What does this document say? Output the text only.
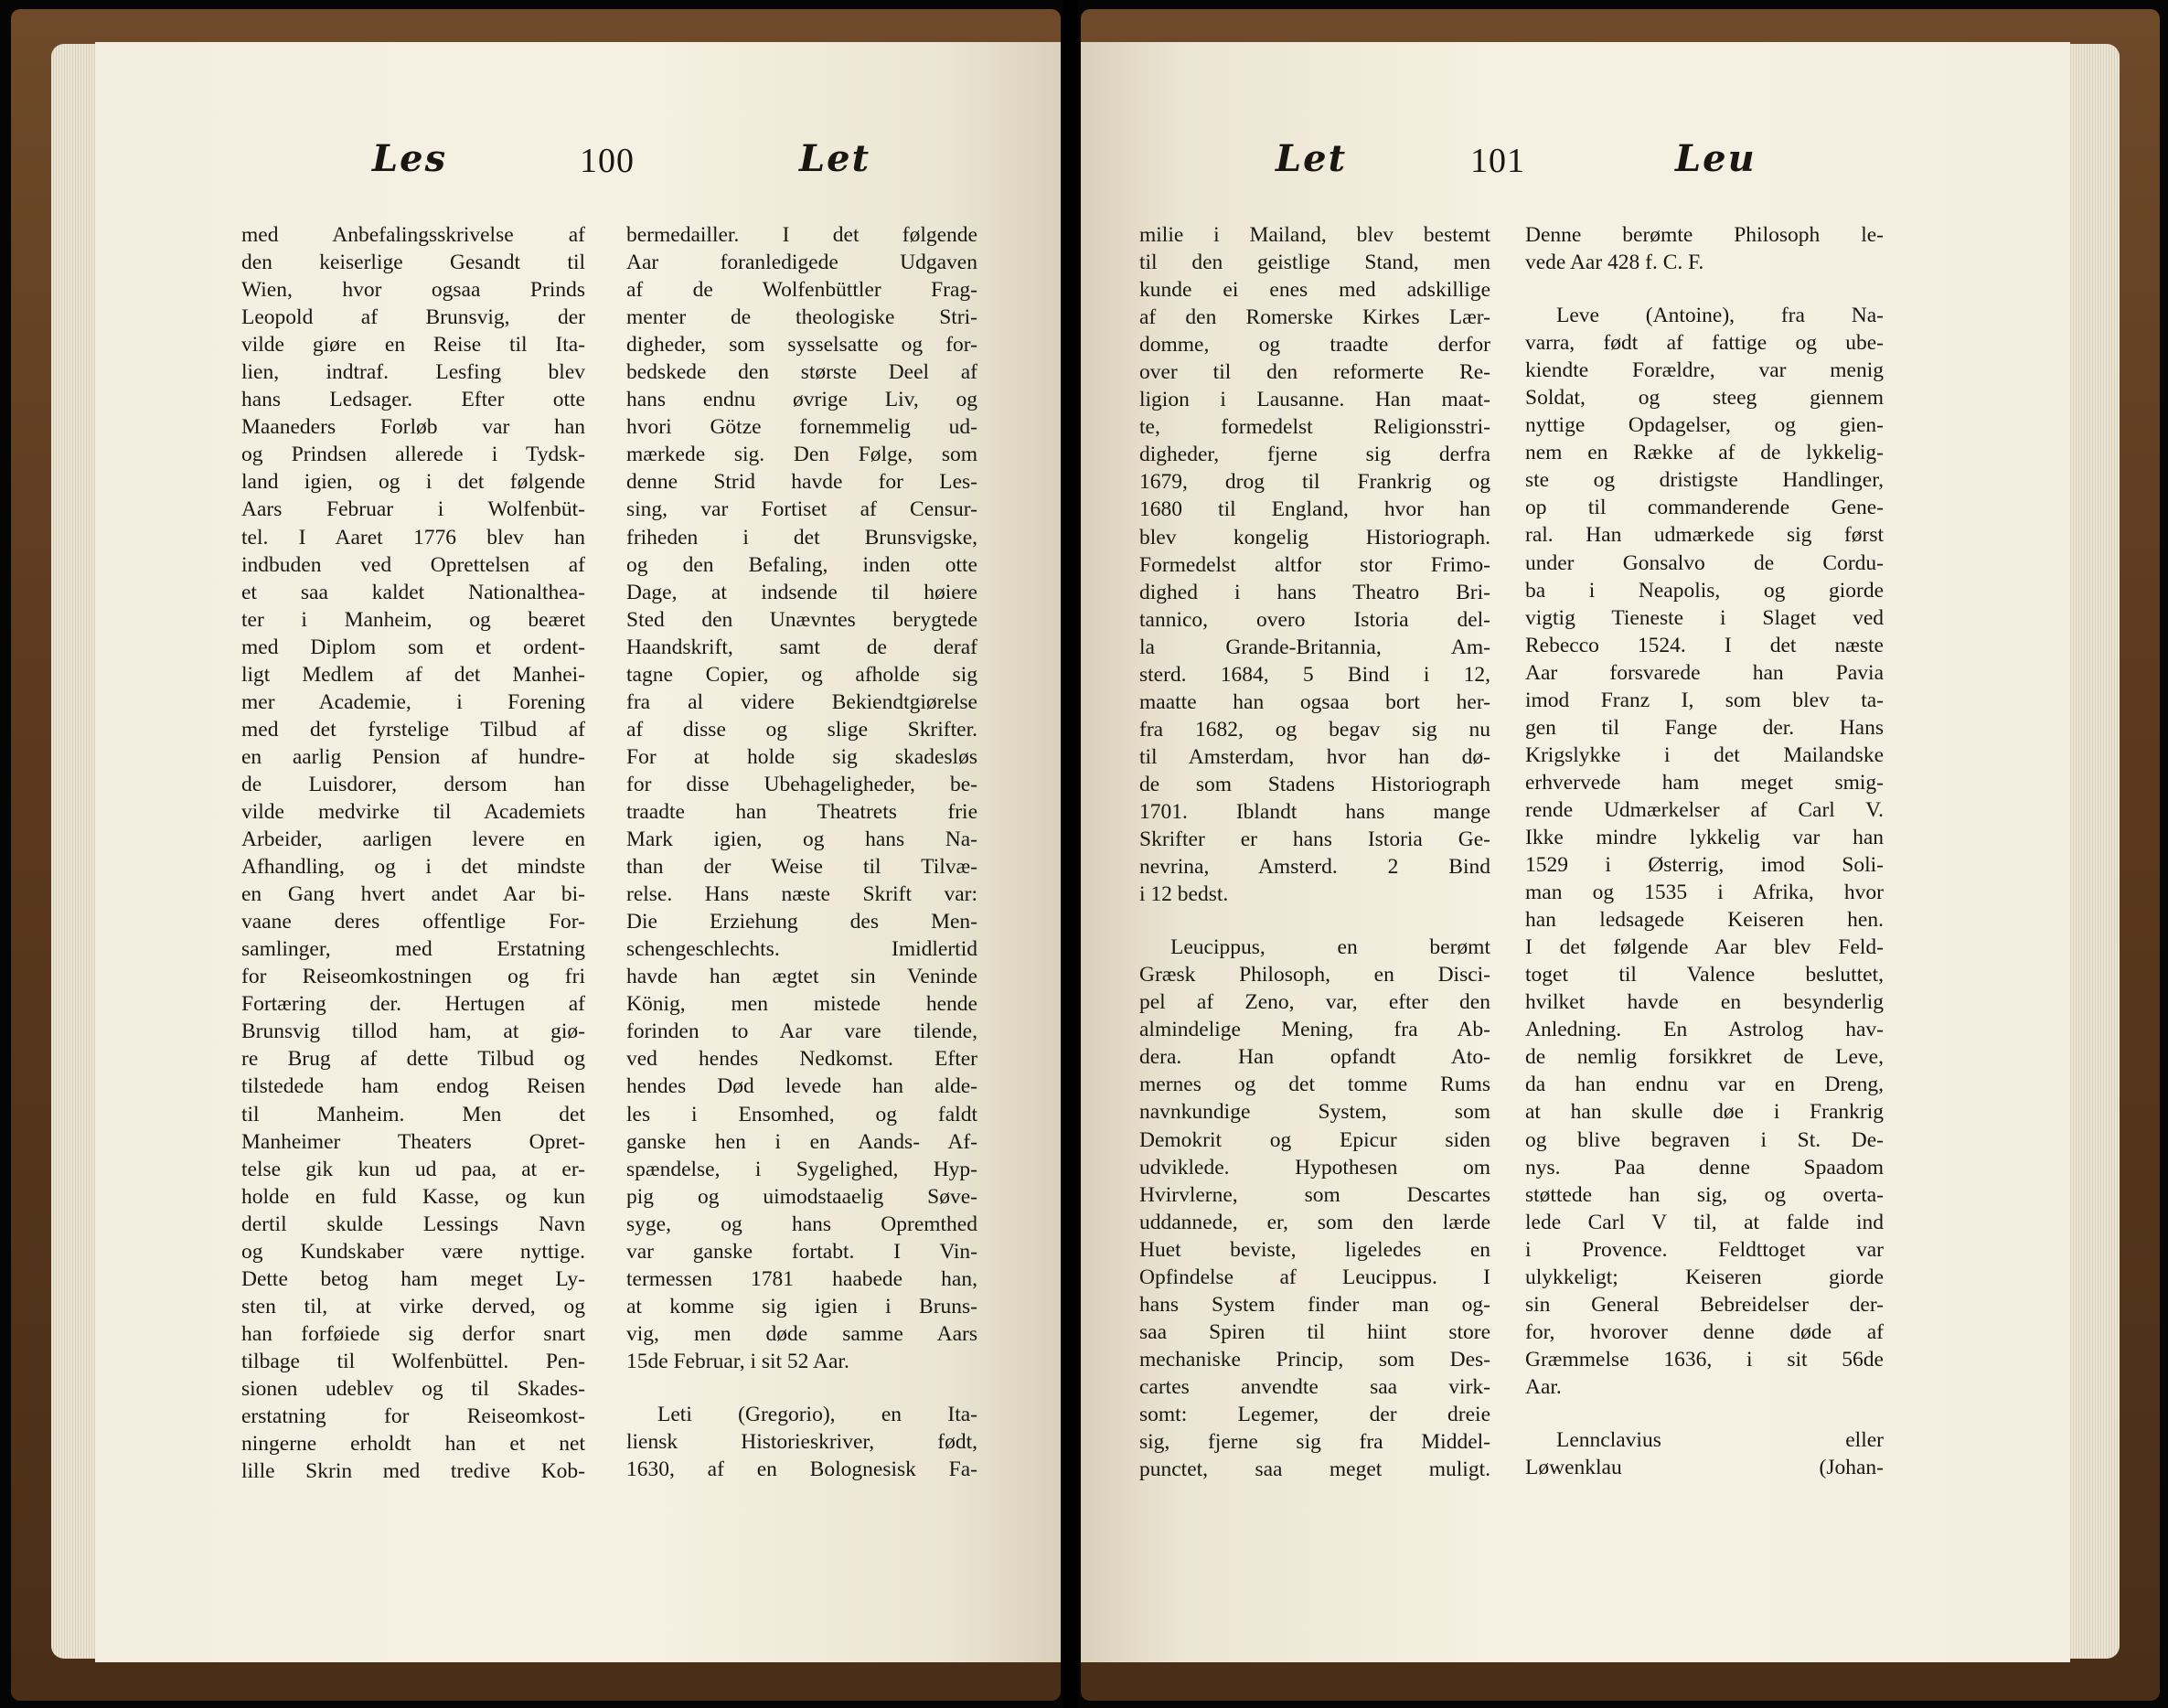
Les	100	Let
med Anbefalingsskrivelse af
den keiserlige Gesandt til
Wien, hvor ogsaa Prinds
Leopold af Brunsvig, der
vilde giøre en Reise til Ita-
lien, indtraf. Lesfing blev
hans Ledsager. Efter otte
Maaneders Forløb var han
og Prindsen allerede i Tydsk-
land igien, og i det følgende
Aars Februar i Wolfenbüt-
tel. I Aaret 1776 blev han
indbuden ved Oprettelsen af
et saa kaldet Nationaltheа-
ter i Manheim, og beæret
med Diplom som et ordent-
ligt Medlem af det Manhei-
mer Academie, i Forening
med det fyrstelige Tilbud af
en aarlig Pension af hundre-
de Luisdorer, dersom han
vilde medvirke til Academiets
Arbeider, aarligen levere en
Afhandling, og i det mindste
en Gang hvert andet Aar bi-
vaane deres offentlige For-
samlinger, med Erstatning
for Reiseomkostningen og fri
Fortæring der. Hertugen af
Brunsvig tillod ham, at giø-
re Brug af dette Tilbud og
tilstedede ham endog Reisen
til Manheim. Men det
Manheimer Theaters Opret-
telse gik kun ud paa, at er-
holde en fuld Kasse, og kun
dertil skulde Lessings Navn
og Kundskaber være nyttige.
Dette betog ham meget Ly-
sten til, at virke derved, og
han forføiede sig derfor snart
tilbage til Wolfenbüttel. Pen-
sionen udeblev og til Skades-
erstatning for Reiseomkost-
ningerne erholdt han et net
lille Skrin med tredive Kob-
bermedailler. I det følgende
Aar foranledigede Udgaven
af de Wolfenbüttler Frag-
menter de theologiske Stri-
digheder, som sysselsatte og for-
bedskede den største Deel af
hans endnu øvrige Liv, og
hvori Götze fornemmelig ud-
mærkede sig. Den Følge, som
denne Strid havde for Les-
sing, var Fortiset af Censur-
friheden i det Brunsvigske,
og den Befaling, inden otte
Dage, at indsende til høiere
Sted den Unævntes berygtede
Haandskrift, samt de deraf
tagne Copier, og afholde sig
fra al videre Bekiendtgiørelse
af disse og slige Skrifter.
For at holde sig skadesløs
for disse Ubehageligheder, be-
traadte han Theatrets frie
Mark igien, og hans Na-
than der Weise til Tilvæ-
relse. Hans næste Skrift var:
Die Erziehung des Men-
schengeschlechts. Imidlertid
havde han ægtet sin Veninde
König, men mistede hende
forinden to Aar vare tilende,
ved hendes Nedkomst. Efter
hendes Død levede han alde-
les i Ensomhed, og faldt
ganske hen i en Aands- Af-
spændelse, i Sygelighed, Hyp-
pig og uimodstaaelig Søve-
syge, og hans Opremthed
var ganske fortabt. I Vin-
termessen 1781 haabede han,
at komme sig igien i Bruns-
vig, men døde samme Aars
15de Februar, i sit 52 Aar.
Leti (Gregorio), en Ita-
liensk Historieskriver, født,
1630, af en Bolognesisk Fa-
Let	101	Leu
milie i Mailand, blev bestemt
til den geistlige Stand, men
kunde ei enes med adskillige
af den Romerske Kirkes Lær-
domme, og traadte derfor
over til den reformerte Re-
ligion i Lausanne. Han maat-
te, formedelst Religionsstri-
digheder, fjerne sig derfra
1679, drog til Frankrig og
1680 til England, hvor han
blev kongelig Historiograph.
Formedelst altfor stor Frimo-
dighed i hans Theatro Bri-
tannico, overo Istoria del-
la Grande-Britannia, Am-
sterd. 1684, 5 Bind i 12,
maatte han ogsaa bort her-
fra 1682, og begav sig nu
til Amsterdam, hvor han dø-
de som Stadens Historiograph
1701. Iblandt hans mange
Skrifter er hans Istoria Ge-
nevrina, Amsterd. 2 Bind
i 12 bedst.
Leucippus, en berømt
Græsk Philosoph, en Disci-
pel af Zeno, var, efter den
almindelige Mening, fra Ab-
dera. Han opfandt Ato-
mernes og det tomme Rums
navnkundige System, som
Demokrit og Epicur siden
udviklede. Hypothesen om
Hvirvlerne, som Descartes
uddannede, er, som den lærde
Huet beviste, ligeledes en
Opfindelse af Leucippus. I
hans System finder man og-
saa Spiren til hiint store
mechaniske Princip, som Des-
cartes anvendte saa virk-
somt: Legemer, der dreie
sig, fjerne sig fra Middel-
punctet, saa meget muligt.
Denne berømte Philosoph le-
vede Aar 428 f. C. F.
Leve (Antoine), fra Na-
varra, født af fattige og ube-
kiendte Forældre, var menig
Soldat, og steeg giennem
nyttige Opdagelser, og gien-
nem en Række af de lykkelig-
ste og dristigste Handlinger,
op til commanderende Gene-
ral. Han udmærkede sig først
under Gonsalvo de Cordu-
ba i Neapolis, og giorde
vigtig Tieneste i Slaget ved
Rebecco 1524. I det næste
Aar forsvarede han Pavia
imod Franz I, som blev ta-
gen til Fange der. Hans
Krigslykke i det Mailandske
erhvervede ham meget smig-
rende Udmærkelser af Carl V.
Ikke mindre lykkelig var han
1529 i Østerrig, imod Soli-
man og 1535 i Afrika, hvor
han ledsagede Keiseren hen.
I det følgende Aar blev Feld-
toget til Valence besluttet,
hvilket havde en besynderlig
Anledning. En Astrolog hav-
de nemlig forsikkret de Leve,
da han endnu var en Dreng,
at han skulle døe i Frankrig
og blive begraven i St. De-
nys. Paa denne Spaadom
støttede han sig, og overta-
lede Carl V til, at falde ind
i Provence. Feldttoget var
ulykkeligt; Keiseren giorde
sin General Bebreidelser der-
for, hvorover denne døde af
Græmmelse 1636, i sit 56de
Aar.
Lennclavius eller
Løwenklau (Johan-
